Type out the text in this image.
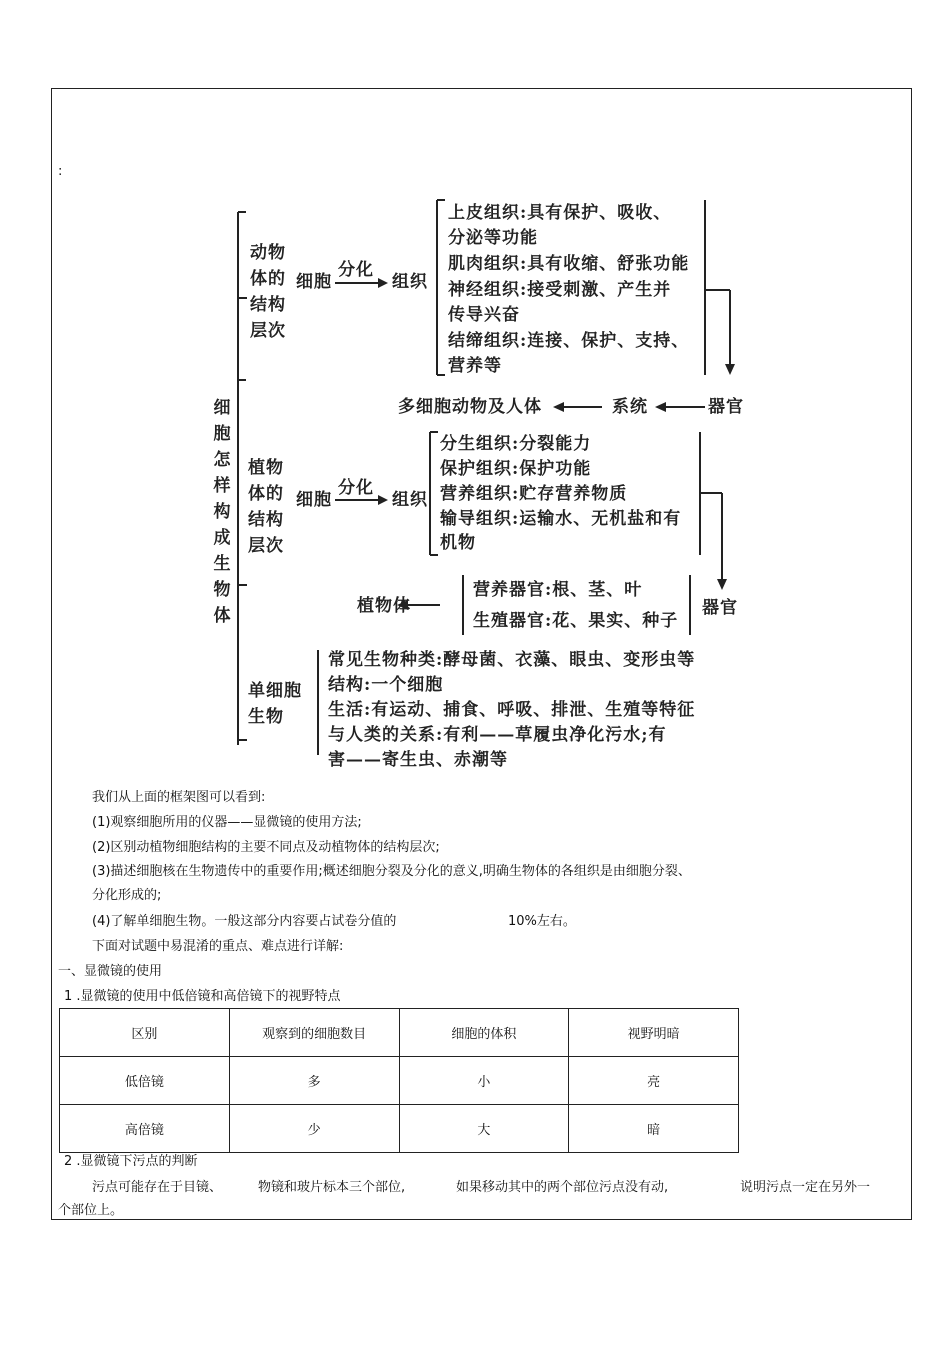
:
细胞怎样构成生物体
动物体的结构层次
细胞
分化
组织
上皮组织:具有保护、吸收、
分泌等功能
肌肉组织:具有收缩、舒张功能
神经组织:接受刺激、产生并
传导兴奋
结缔组织:连接、保护、支持、
营养等
器官
系统
多细胞动物及人体
植物体的结构层次
细胞
分化
组织
分生组织:分裂能力
保护组织:保护功能
营养组织:贮存营养物质
输导组织:运输水、无机盐和有
机物
器官
营养器官:根、茎、叶
生殖器官:花、果实、种子
植物体
单细胞生物
常见生物种类:酵母菌、衣藻、眼虫、变形虫等
结构:一个细胞
生活:有运动、捕食、呼吸、排泄、生殖等特征
与人类的关系:有利——草履虫净化污水;有
害——寄生虫、赤潮等
我们从上面的框架图可以看到:
(1)观察细胞所用的仪器——显微镜的使用方法;
(2)区别动植物细胞结构的主要不同点及动植物体的结构层次;
(3)描述细胞核在生物遗传中的重要作用;概述细胞分裂及分化的意义,明确生物体的各组织是由细胞分裂、
分化形成的;
(4)了解单细胞生物。一般这部分内容要占试卷分值的	10%左右。
下面对试题中易混淆的重点、难点进行详解:
一、显微镜的使用
1 .显微镜的使用中低倍镜和高倍镜下的视野特点
区别	观察到的细胞数目	细胞的体积	视野明暗
低倍镜	多	小	亮
高倍镜	少	大	暗
2 .显微镜下污点的判断
污点可能存在于目镜、	物镜和玻片标本三个部位,	如果移动其中的两个部位污点没有动,	说明污点一定在另外一
个部位上。
